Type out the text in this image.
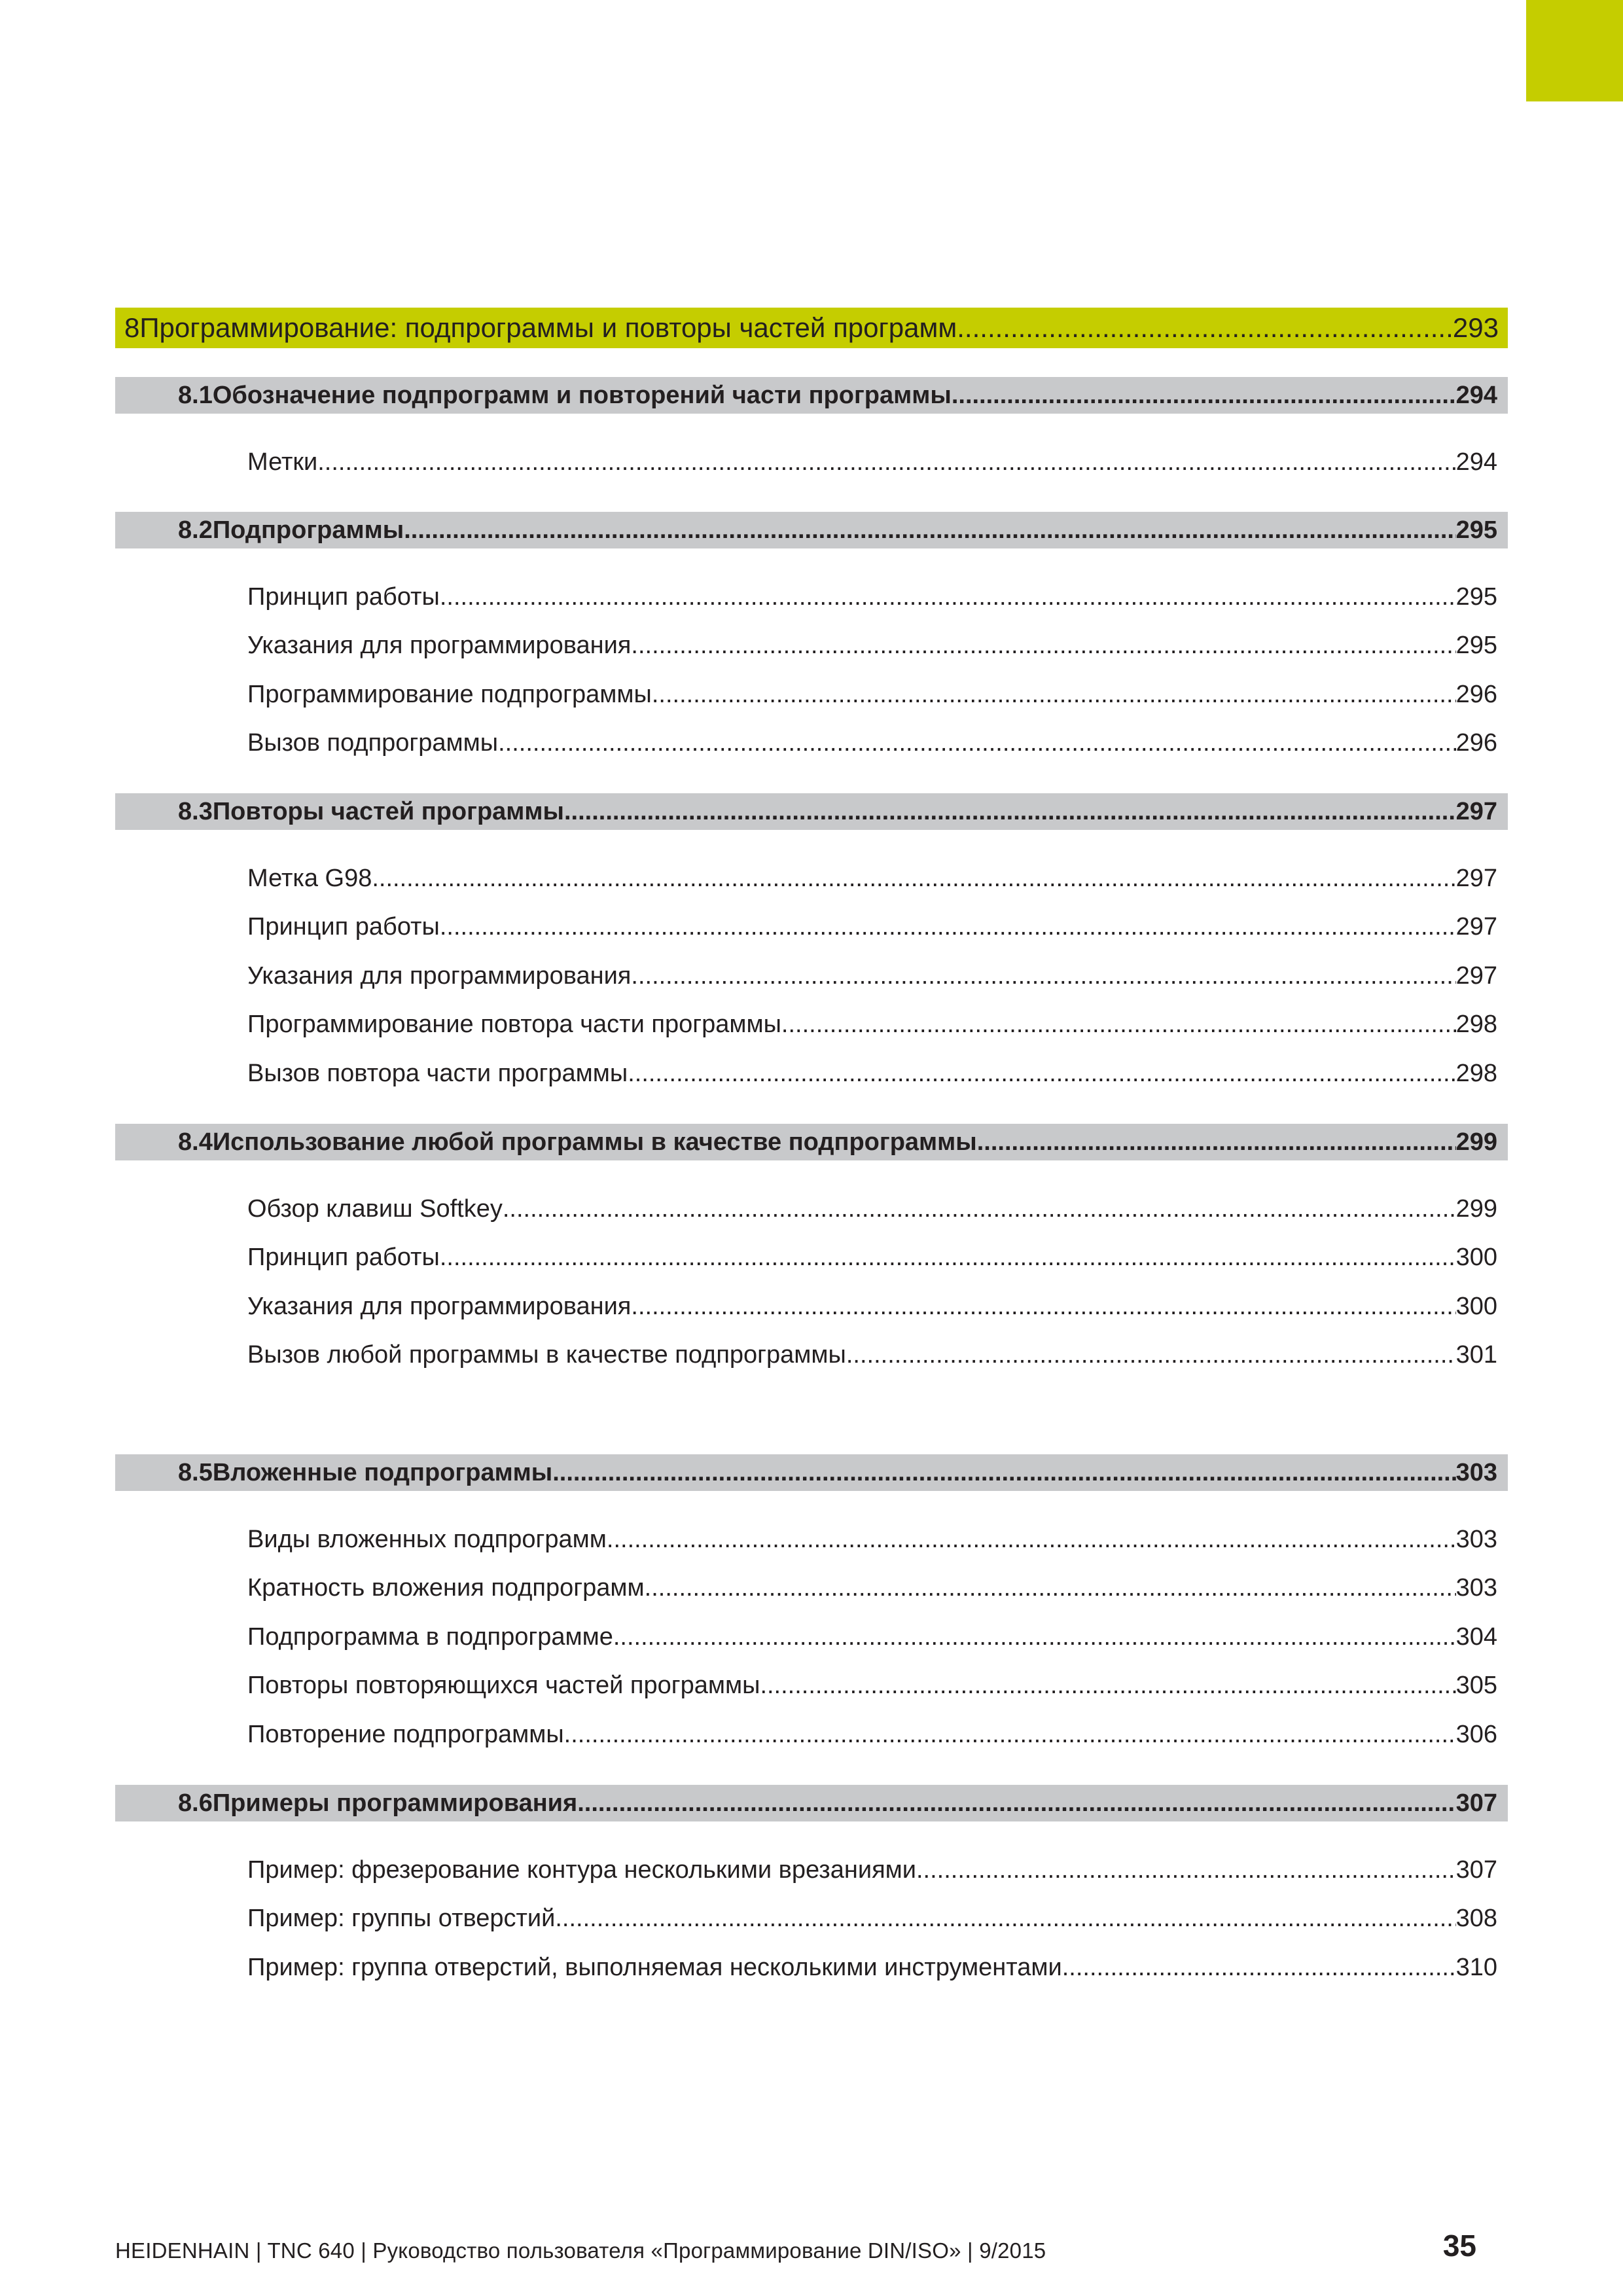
8 Программирование: подпрограммы и повторы частей программ .....	293
8.1 Обозначение подпрограмм и повторений части программы .....	294
Метки .....	294
8.2 Подпрограммы .....	295
Принцип работы .....	295
Указания для программирования .....	295
Программирование подпрограммы .....	296
Вызов подпрограммы .....	296
8.3 Повторы частей программы .....	297
Метка G98 .....	297
Принцип работы .....	297
Указания для программирования .....	297
Программирование повтора части программы .....	298
Вызов повтора части программы .....	298
8.4 Использование любой программы в качестве подпрограммы .....	299
Обзор клавиш Softkey .....	299
Принцип работы .....	300
Указания для программирования .....	300
Вызов любой программы в качестве подпрограммы .....	301
8.5 Вложенные подпрограммы .....	303
Виды вложенных подпрограмм .....	303
Кратность вложения подпрограмм .....	303
Подпрограмма в подпрограмме .....	304
Повторы повторяющихся частей программы .....	305
Повторение подпрограммы .....	306
8.6 Примеры программирования .....	307
Пример: фрезерование контура несколькими врезаниями .....	307
Пример: группы отверстий .....	308
Пример: группа отверстий, выполняемая несколькими инструментами .....	310
HEIDENHAIN | TNC 640 | Руководство пользователя «Программирование DIN/ISO» | 9/2015	35
